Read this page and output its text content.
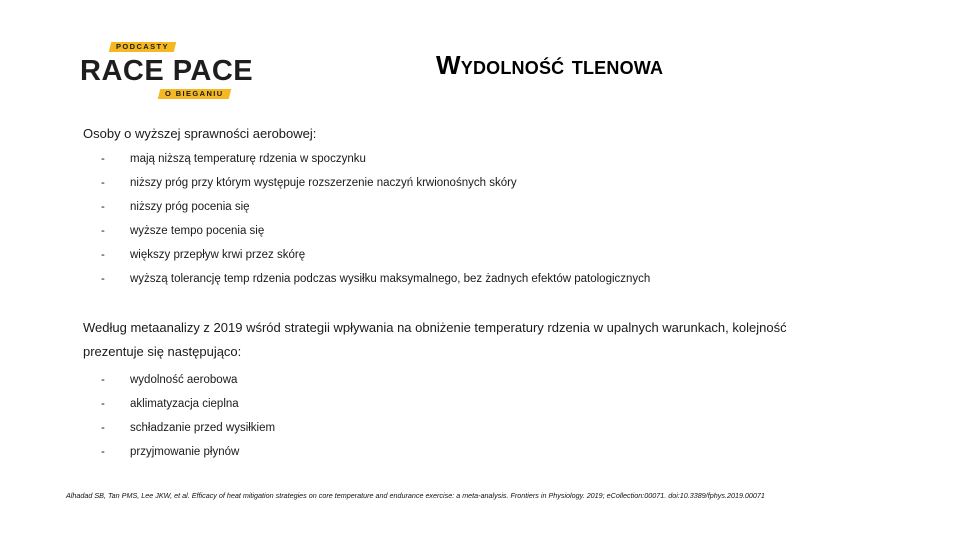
PODCASTY
RACE PACE
O BIEGANIU
Wydolność tlenowa
Osoby o wyższej sprawności aerobowej:
- mają niższą temperaturę rdzenia w spoczynku
- niższy próg przy którym występuje rozszerzenie naczyń krwionośnych skóry
- niższy próg pocenia się
- wyższe tempo pocenia się
- większy przepływ krwi przez skórę
- wyższą tolerancję temp rdzenia podczas wysiłku maksymalnego, bez żadnych efektów patologicznych
Według metaanalizy z 2019 wśród strategii wpływania na obniżenie temperatury rdzenia w upalnych warunkach, kolejność prezentuje się następująco:
- wydolność aerobowa
- aklimatyzacja cieplna
- schładzanie przed wysiłkiem
- przyjmowanie płynów
Alhadad SB, Tan PMS, Lee JKW, et al. Efficacy of heat mitigation strategies on core temperature and endurance exercise: a meta-analysis. Frontiers in Physiology. 2019; eCollection:00071. doi:10.3389/fphys.2019.00071
